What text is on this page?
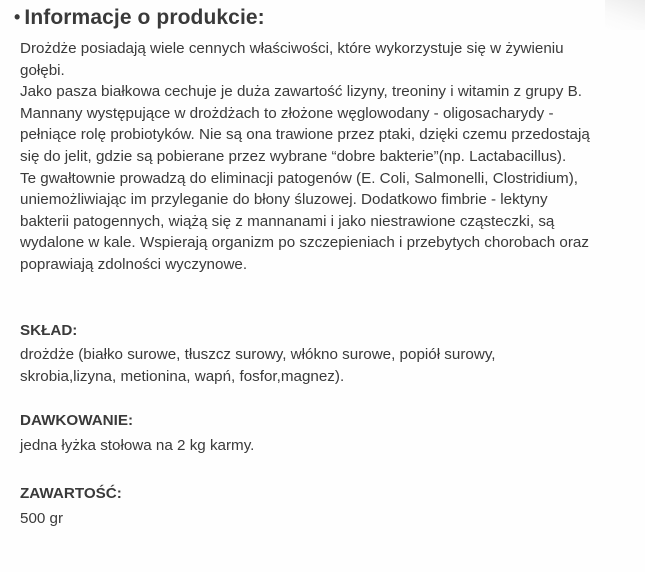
• Informacje o produkcie:

Drożdże posiadają wiele cennych właściwości, które wykorzystuje się w żywieniu

gołębi.

Jako pasza białkowa cechuje je duża zawartość lizyny, treoniny i witamin z grupy B.

Mannany występujące w drożdżach to złożone węglowodany - oligosacharydy -

pełniące rolę probiotyków. Nie są ona trawione przez ptaki, dzięki czemu przedostają

się do jelit, gdzie są pobierane przez wybrane “dobre bakterie”(np. Lactabacillus).

Te gwałtownie prowadzą do eliminacji patogenów (E. Coli, Salmonelli, Clostridium),

uniemożliwiając im przyleganie do błony śluzowej. Dodatkowo fimbrie - lektyny

bakterii patogennych, wiążą się z mannanami i jako niestrawione cząsteczki, są

wydalone w kale. Wspierają organizm po szczepieniach i przebytych chorobach oraz

poprawiają zdolności wyczynowe.

SKŁAD:

drożdże (białko surowe, tłuszcz surowy, włókno surowe, popiół surowy,

skrobia,lizyna, metionina, wapń, fosfor,magnez).

DAWKOWANIE:

jedna łyżka stołowa na 2 kg karmy.

ZAWARTOŚĆ:

500 gr
